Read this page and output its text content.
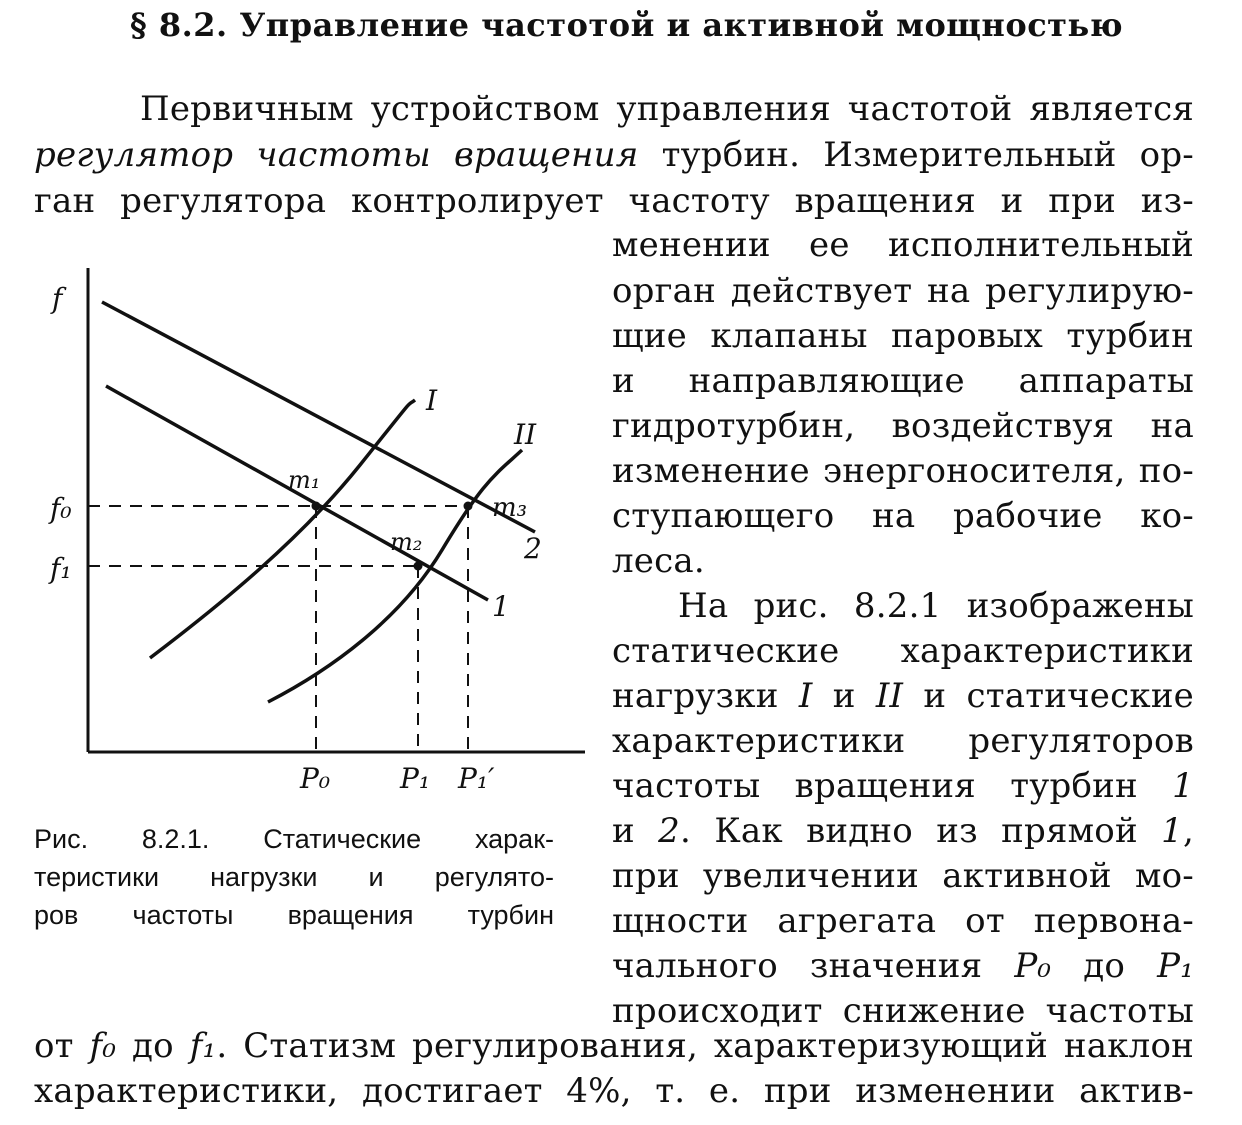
§ 8.2. Управление частотой и активной мощностью
Первичным устройством управления частотой является
регулятор частоты вращения турбин. Измерительный ор-
ган регулятора контролирует частоту вращения и при из-
менении ее исполнительный
орган действует на регулирую-
щие клапаны паровых турбин
и направляющие аппараты
гидротурбин, воздействуя на
изменение энергоносителя, по-
ступающего на рабочие ко-
леса.
На рис. 8.2.1 изображены
статические характеристики
нагрузки I и II и статические
характеристики регуляторов
частоты вращения турбин 1
и 2. Как видно из прямой 1,
при увеличении активной мо-
щности агрегата от первона-
чального значения P₀ до P₁
происходит снижение частоты
от f₀ до f₁. Статизм регулирования, характеризующий наклон
характеристики, достигает 4%, т. е. при изменении актив-
f
f₀
f₁
P₀ P₁ P₁′
m₁
m₂
m₃
I
II
1
2
Рис. 8.2.1. Статические харак-
теристики нагрузки и регулято-
ров частоты вращения турбин
